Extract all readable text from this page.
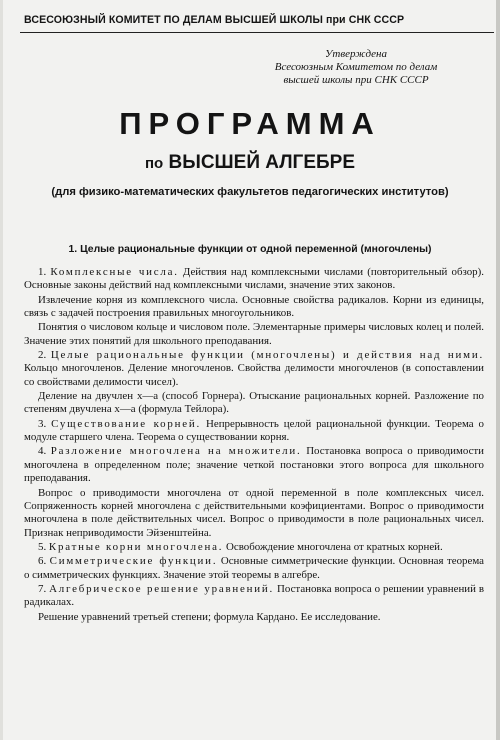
ВСЕСОЮЗНЫЙ КОМИТЕТ ПО ДЕЛАМ ВЫСШЕЙ ШКОЛЫ при СНК СССР
Утверждена
Всесоюзным Комитетом по делам
высшей школы при СНК СССР
ПРОГРАММА
по ВЫСШЕЙ АЛГЕБРЕ
(для физико-математических факультетов педагогических институтов)
1. Целые рациональные функции от одной переменной (многочлены)

1. Комплексные числа. Действия над комплексными числами (повторительный обзор). Основные законы действий над комплексными числами, значение этих законов.

Извлечение корня из комплексного числа. Основные свойства радикалов. Корни из единицы, связь с задачей построения правильных многоугольников.

Понятия о числовом кольце и числовом поле. Элементарные примеры числовых колец и полей. Значение этих понятий для школьного преподавания.

2. Целые рациональные функции (многочлены) и действия над ними. Кольцо многочленов. Деление многочленов. Свойства делимости многочленов (в сопоставлении со свойствами делимости чисел).

Деление на двучлен x—a (способ Горнера). Отыскание рациональных корней. Разложение по степеням двучлена x—a (формула Тейлора).

3. Существование корней. Непрерывность целой рациональной функции. Теорема о модуле старшего члена. Теорема о существовании корня.

4. Разложение многочлена на множители. Постановка вопроса о приводимости многочлена в определенном поле; значение четкой постановки этого вопроса для школьного преподавания.

Вопрос о приводимости многочлена от одной переменной в поле комплексных чисел. Сопряженность корней многочлена с действительными коэфициентами. Вопрос о приводимости многочлена в поле действительных чисел. Вопрос о приводимости в поле рациональных чисел. Признак неприводимости Эйзенштейна.

5. Кратные корни многочлена. Освобождение многочлена от кратных корней.

6. Симметрические функции. Основные симметрические функции. Основная теорема о симметрических функциях. Значение этой теоремы в алгебре.

7. Алгебрическое решение уравнений. Постановка вопроса о решении уравнений в радикалах.

Решение уравнений третьей степени; формула Кардано. Ее исследование.
